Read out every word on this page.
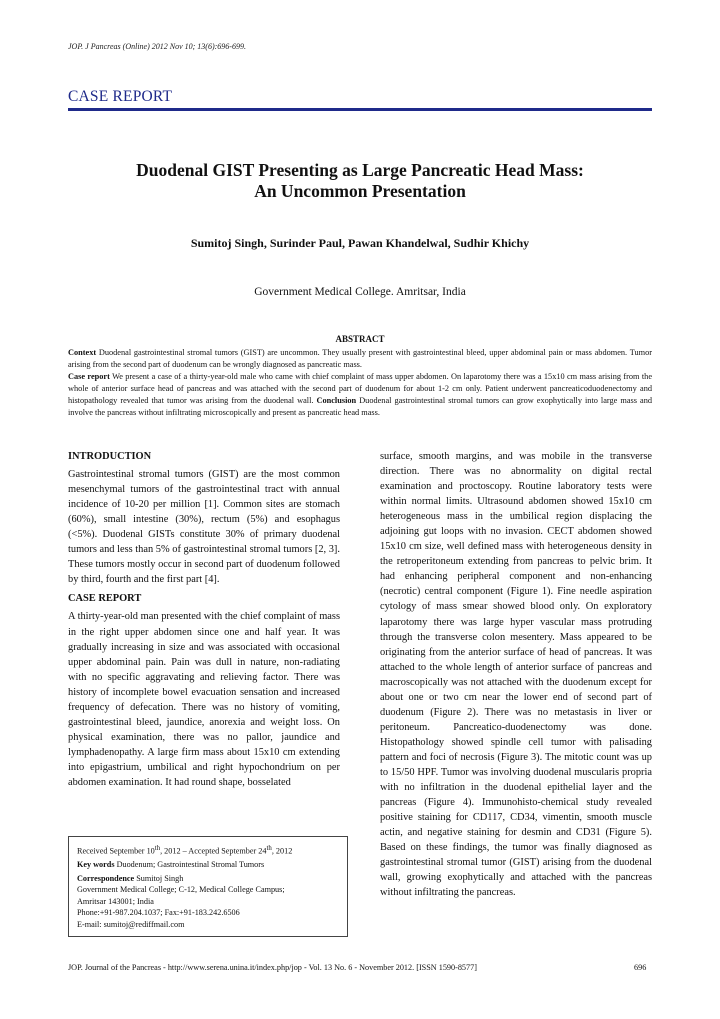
JOP. J Pancreas (Online) 2012 Nov 10; 13(6):696-699.
CASE REPORT
Duodenal GIST Presenting as Large Pancreatic Head Mass:
An Uncommon Presentation
Sumitoj Singh, Surinder Paul, Pawan Khandelwal, Sudhir Khichy
Government Medical College. Amritsar, India
ABSTRACT

Context Duodenal gastrointestinal stromal tumors (GIST) are uncommon. They usually present with gastrointestinal bleed, upper abdominal pain or mass abdomen. Tumor arising from the second part of duodenum can be wrongly diagnosed as pancreatic mass.

Case report We present a case of a thirty-year-old male who came with chief complaint of mass upper abdomen. On laparotomy there was a 15x10 cm mass arising from the whole of anterior surface head of pancreas and was attached with the second part of duodenum for about 1-2 cm only. Patient underwent pancreaticoduodenectomy and histopathology revealed that tumor was arising from the duodenal wall. Conclusion Duodenal gastrointestinal stromal tumors can grow exophytically into large mass and involve the pancreas without infiltrating microscopically and present as pancreatic head mass.

INTRODUCTION

Gastrointestinal stromal tumors (GIST) are the most common mesenchymal tumors of the gastrointestinal tract with annual incidence of 10-20 per million [1]. Common sites are stomach (60%), small intestine (30%), rectum (5%) and esophagus (<5%). Duodenal GISTs constitute 30% of primary duodenal tumors and less than 5% of gastrointestinal stromal tumors [2, 3]. These tumors mostly occur in second part of duodenum followed by third, fourth and the first part [4].

CASE REPORT

A thirty-year-old man presented with the chief complaint of mass in the right upper abdomen since one and half year. It was gradually increasing in size and was associated with occasional upper abdominal pain. Pain was dull in nature, non-radiating with no specific aggravating and relieving factor. There was history of incomplete bowel evacuation sensation and increased frequency of defecation. There was no history of vomiting, gastrointestinal bleed, jaundice, anorexia and weight loss. On physical examination, there was no pallor, jaundice and lymphadenopathy. A large firm mass about 15x10 cm extending into epigastrium, umbilical and right hypochondrium on per abdomen examination. It had round shape, bosselated

surface, smooth margins, and was mobile in the transverse direction. There was no abnormality on digital rectal examination and proctoscopy. Routine laboratory tests were within normal limits. Ultrasound abdomen showed 15x10 cm heterogeneous mass in the umbilical region displacing the adjoining gut loops with no invasion. CECT abdomen showed 15x10 cm size, well defined mass with heterogeneous density in the retroperitoneum extending from pancreas to pelvic brim. It had enhancing peripheral component and non-enhancing (necrotic) central component (Figure 1). Fine needle aspiration cytology of mass smear showed blood only. On exploratory laparotomy there was large hyper vascular mass protruding through the transverse colon mesentery. Mass appeared to be originating from the anterior surface of head of pancreas. It was attached to the whole length of anterior surface of pancreas and macroscopically was not attached with the duodenum except for about one or two cm near the lower end of second part of duodenum (Figure 2). There was no metastasis in liver or peritoneum. Pancreatico-duodenectomy was done. Histopathology showed spindle cell tumor with palisading pattern and foci of necrosis (Figure 3). The mitotic count was up to 15/50 HPF. Tumor was involving duodenal muscularis propria with no infiltration in the duodenal epithelial layer and the pancreas (Figure 4). Immunohisto-chemical study revealed positive staining for CD117, CD34, vimentin, smooth muscle actin, and negative staining for desmin and CD31 (Figure 5). Based on these findings, the tumor was finally diagnosed as gastrointestinal stromal tumor (GIST) arising from the duodenal wall, growing exophytically and attached with the pancreas without infiltrating the pancreas.

Received September 10th, 2012 – Accepted September 24th, 2012
Key words Duodenum; Gastrointestinal Stromal Tumors
Correspondence Sumitoj Singh
Government Medical College; C-12, Medical College Campus;
Amritsar 143001; India
Phone:+91-987.204.1037; Fax:+91-183.242.6506
E-mail: sumitoj@rediffmail.com
JOP. Journal of the Pancreas - http://www.serena.unina.it/index.php/jop - Vol. 13 No. 6 - November 2012. [ISSN 1590-8577]	696
